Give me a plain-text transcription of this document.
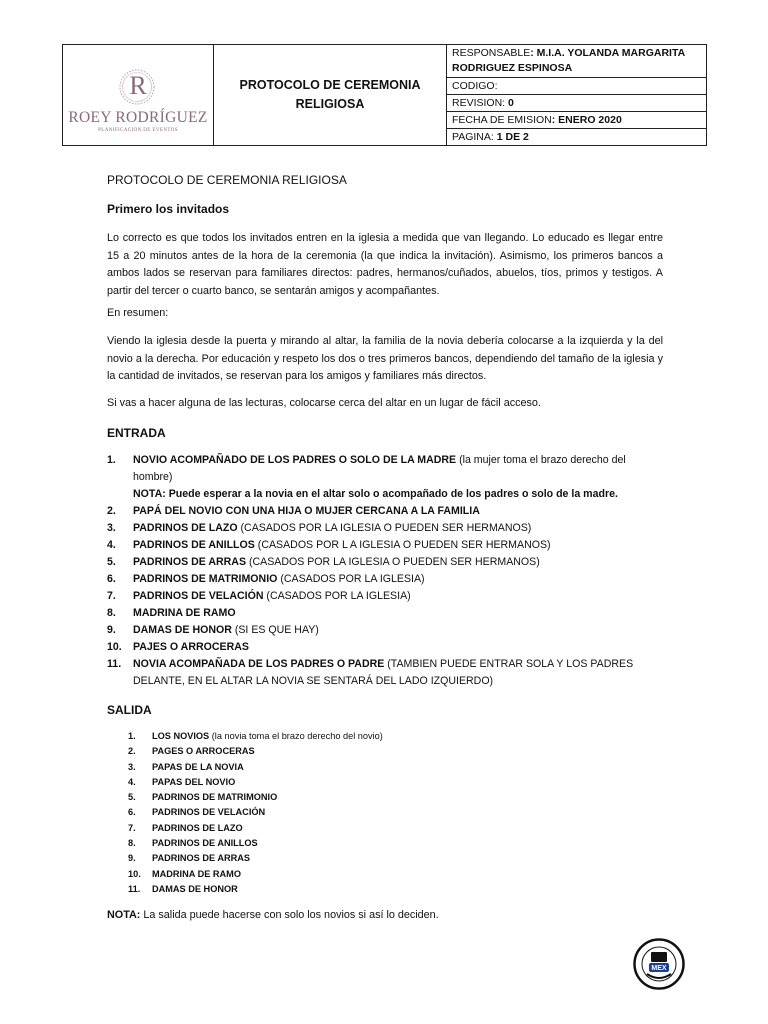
R
ROEY RODRÍGUEZ
PLANIFICACION DE EVENTOS

PROTOCOLO DE CEREMONIA
RELIGIOSA
	RESPONSABLE: M.I.A. YOLANDA MARGARITA RODRIGUEZ ESPINOSA
CODIGO:
REVISION: 0
FECHA DE EMISION: ENERO 2020
PAGINA: 1 DE 2
PROTOCOLO DE CEREMONIA RELIGIOSA
Primero los invitados
Lo correcto es que todos los invitados entren en la iglesia a medida que van llegando. Lo educado es llegar entre 15 a 20 minutos antes de la hora de la ceremonia (la que indica la invitación). Asimismo, los primeros bancos a ambos lados se reservan para familiares directos: padres, hermanos/cuñados, abuelos, tíos, primos y testigos. A partir del tercer o cuarto banco, se sentarán amigos y acompañantes.
En resumen:
Viendo la iglesia desde la puerta y mirando al altar, la familia de la novia debería colocarse a la izquierda y la del novio a la derecha. Por educación y respeto los dos o tres primeros bancos, dependiendo del tamaño de la iglesia y la cantidad de invitados, se reservan para los amigos y familiares más directos.
Si vas a hacer alguna de las lecturas, colocarse cerca del altar en un lugar de fácil acceso.
ENTRADA
1.	NOVIO ACOMPAÑADO DE LOS PADRES O SOLO DE LA MADRE (la mujer toma el brazo derecho del hombre)
NOTA: Puede esperar a la novia en el altar solo o acompañado de los padres o solo de la madre.
2.	PAPÁ DEL NOVIO CON UNA HIJA O MUJER CERCANA A LA FAMILIA
3.	PADRINOS DE LAZO (CASADOS POR LA IGLESIA O PUEDEN SER HERMANOS)
4.	PADRINOS DE ANILLOS (CASADOS POR L A IGLESIA O PUEDEN SER HERMANOS)
5.	PADRINOS DE ARRAS (CASADOS POR LA IGLESIA O PUEDEN SER HERMANOS)
6.	PADRINOS DE MATRIMONIO (CASADOS POR LA IGLESIA)
7.	PADRINOS DE VELACIÓN (CASADOS POR LA IGLESIA)
8.	MADRINA DE RAMO
9.	DAMAS DE HONOR (SI ES QUE HAY)
10.	PAJES O ARROCERAS
11.	NOVIA ACOMPAÑADA DE LOS PADRES O PADRE (TAMBIEN PUEDE ENTRAR SOLA Y LOS PADRES DELANTE, EN EL ALTAR LA NOVIA SE SENTARÁ DEL LADO IZQUIERDO)
SALIDA
1.	LOS NOVIOS (la novia toma el brazo derecho del novio)
2.	PAGES O ARROCERAS
3.	PAPAS DE LA NOVIA
4.	PAPAS DEL NOVIO
5.	PADRINOS DE MATRIMONIO
6.	PADRINOS DE VELACIÓN
7.	PADRINOS DE LAZO
8.	PADRINOS DE ANILLOS
9.	PADRINOS DE ARRAS
10.	MADRINA DE RAMO
11.	DAMAS DE HONOR
NOTA: La salida puede hacerse con solo los novios si así lo deciden.
MEX
